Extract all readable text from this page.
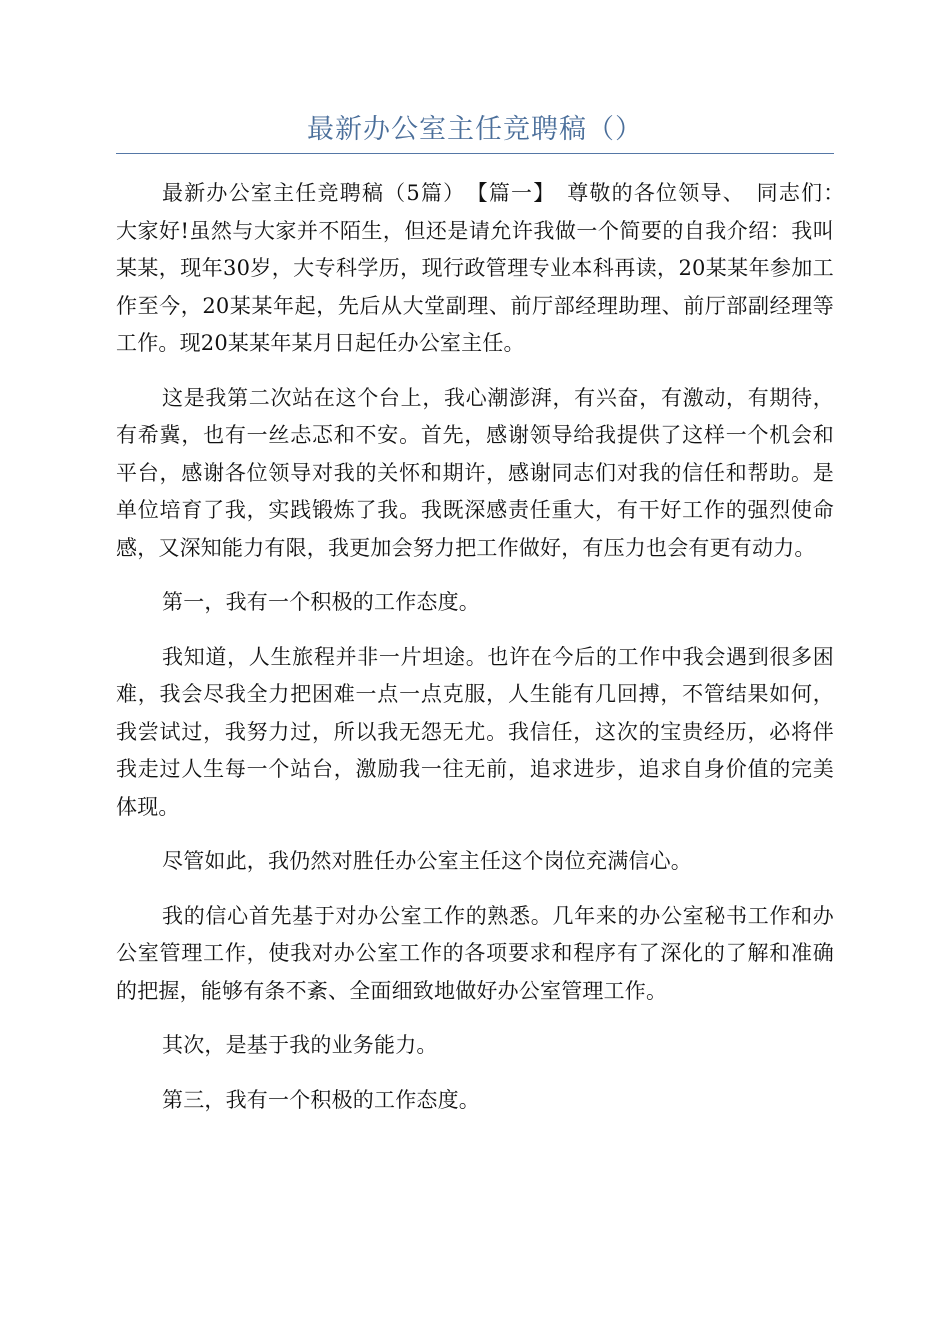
最新办公室主任竞聘稿（）

最新办公室主任竞聘稿（5篇）　【篇一】　尊敬的各位领导、　同志们：　大家好!虽然与大家并不陌生，但还是请允许我做一个简要的自我介绍：我叫某某，现年30岁，大专科学历，现行政管理专业本科再读，20某某年参加工作至今，20某某年起，先后从大堂副理、前厅部经理助理、前厅部副经理等工作。现20某某年某月日起任办公室主任。

这是我第二次站在这个台上，我心潮澎湃，有兴奋，有激动，有期待，有希冀，也有一丝忐忑和不安。首先，感谢领导给我提供了这样一个机会和平台，感谢各位领导对我的关怀和期许，感谢同志们对我的信任和帮助。是单位培育了我，实践锻炼了我。我既深感责任重大，有干好工作的强烈使命感，又深知能力有限，我更加会努力把工作做好，有压力也会有更有动力。

第一，我有一个积极的工作态度。

我知道，人生旅程并非一片坦途。也许在今后的工作中我会遇到很多困难，我会尽我全力把困难一点一点克服，人生能有几回搏，不管结果如何，我尝试过，我努力过，所以我无怨无尤。我信任，这次的宝贵经历，必将伴我走过人生每一个站台，激励我一往无前，追求进步，追求自身价值的完美体现。

尽管如此，我仍然对胜任办公室主任这个岗位充满信心。

我的信心首先基于对办公室工作的熟悉。几年来的办公室秘书工作和办公室管理工作，使我对办公室工作的各项要求和程序有了深化的了解和准确的把握，能够有条不紊、全面细致地做好办公室管理工作。

其次，是基于我的业务能力。

第三，我有一个积极的工作态度。
